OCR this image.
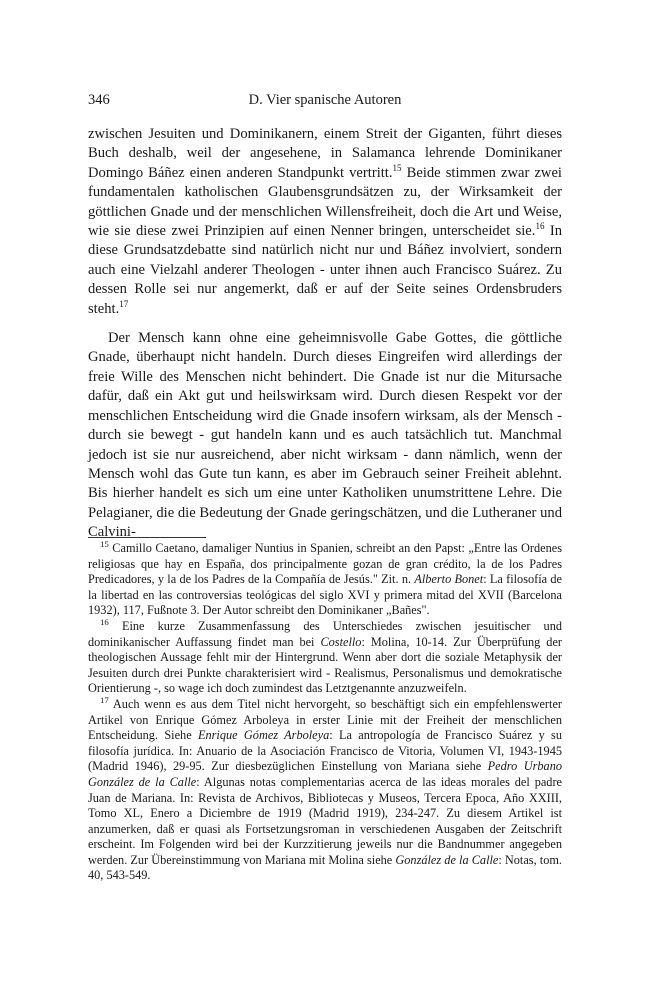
346	D. Vier spanische Autoren

zwischen Jesuiten und Dominikanern, einem Streit der Giganten, führt dieses Buch deshalb, weil der angesehene, in Salamanca lehrende Dominikaner Domingo Báñez einen anderen Standpunkt vertritt.$^{15}$ Beide stimmen zwar zwei fundamentalen katholischen Glaubensgrundsätzen zu, der Wirksamkeit der göttlichen Gnade und der menschlichen Willensfreiheit, doch die Art und Weise, wie sie diese zwei Prinzipien auf einen Nenner bringen, unterscheidet sie.$^{16}$ In diese Grundsatzdebatte sind natürlich nicht nur und Báñez involviert, sondern auch eine Vielzahl anderer Theologen - unter ihnen auch Francisco Suárez. Zu dessen Rolle sei nur angemerkt, daß er auf der Seite seines Ordensbruders steht.$^{17}$

Der Mensch kann ohne eine geheimnisvolle Gabe Gottes, die göttliche Gnade, überhaupt nicht handeln. Durch dieses Eingreifen wird allerdings der freie Wille des Menschen nicht behindert. Die Gnade ist nur die Mitursache dafür, daß ein Akt gut und heilswirksam wird. Durch diesen Respekt vor der menschlichen Entscheidung wird die Gnade insofern wirksam, als der Mensch - durch sie bewegt - gut handeln kann und es auch tatsächlich tut. Manchmal jedoch ist sie nur ausreichend, aber nicht wirksam - dann nämlich, wenn der Mensch wohl das Gute tun kann, es aber im Gebrauch seiner Freiheit ablehnt. Bis hierher handelt es sich um eine unter Katholiken unumstrittene Lehre. Die Pelagianer, die die Bedeutung der Gnade geringschätzen, und die Lutheraner und Calvini-

$^{15}$ Camillo Caetano, damaliger Nuntius in Spanien, schreibt an den Papst: „Entre las Ordenes religiosas que hay en España, dos principalmente gozan de gran crédito, la de los Padres Predicadores, y la de los Padres de la Compañía de Jesús." Zit. n. Alberto Bonet: La filosofía de la libertad en las controversias teológicas del siglo XVI y primera mitad del XVII (Barcelona 1932), 117, Fußnote 3. Der Autor schreibt den Dominikaner „Bañes".

$^{16}$ Eine kurze Zusammenfassung des Unterschiedes zwischen jesuitischer und dominikanischer Auffassung findet man bei Costello: Molina, 10-14. Zur Überprüfung der theologischen Aussage fehlt mir der Hintergrund. Wenn aber dort die soziale Metaphysik der Jesuiten durch drei Punkte charakterisiert wird - Realismus, Personalismus und demokratische Orientierung -, so wage ich doch zumindest das Letztgenannte anzuzweifeln.

$^{17}$ Auch wenn es aus dem Titel nicht hervorgeht, so beschäftigt sich ein empfehlenswerter Artikel von Enrique Gómez Arboleya in erster Linie mit der Freiheit der menschlichen Entscheidung. Siehe Enrique Gómez Arboleya: La antropología de Francisco Suárez y su filosofía jurídica. In: Anuario de la Asociación Francisco de Vitoria, Volumen VI, 1943-1945 (Madrid 1946), 29-95. Zur diesbezüglichen Einstellung von Mariana siehe Pedro Urbano González de la Calle: Algunas notas complementarias acerca de las ideas morales del padre Juan de Mariana. In: Revista de Archivos, Bibliotecas y Museos, Tercera Epoca, Año XXIII, Tomo XL, Enero a Diciembre de 1919 (Madrid 1919), 234-247. Zu diesem Artikel ist anzumerken, daß er quasi als Fortsetzungsroman in verschiedenen Ausgaben der Zeitschrift erscheint. Im Folgenden wird bei der Kurzzitierung jeweils nur die Bandnummer angegeben werden. Zur Übereinstimmung von Mariana mit Molina siehe González de la Calle: Notas, tom. 40, 543-549.
